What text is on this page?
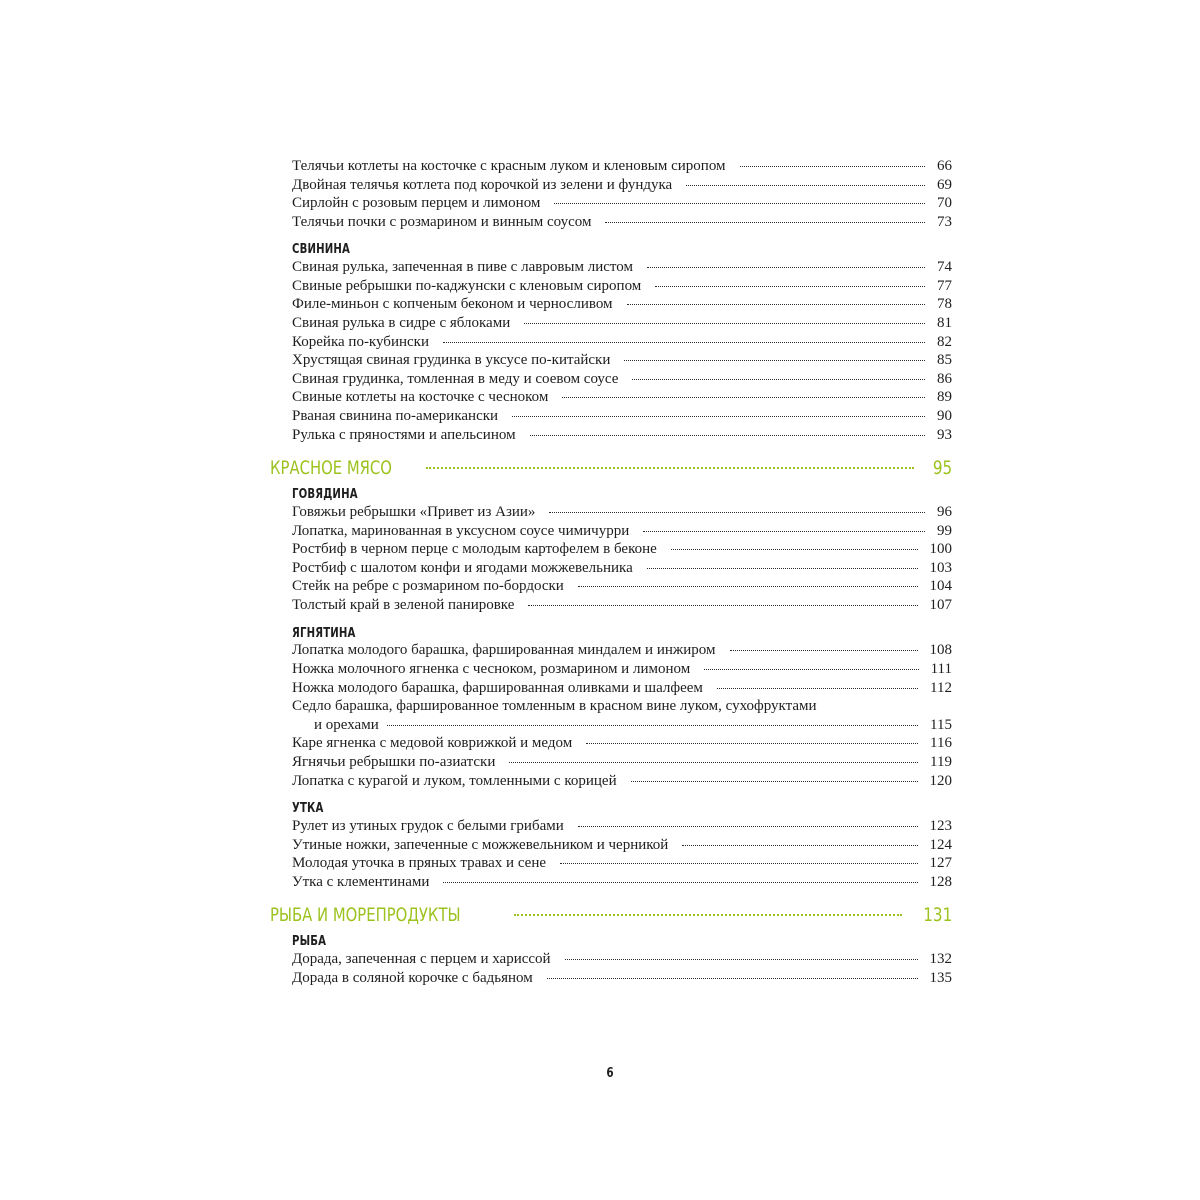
Телячьи котлеты на косточке с красным луком и кленовым сиропом	66
Двойная телячья котлета под корочкой из зелени и фундука	69
Сирлойн с розовым перцем и лимоном	70
Телячьи почки с розмарином и винным соусом	73
СВИНИНА
Свиная рулька, запеченная в пиве с лавровым листом	74
Свиные ребрышки по-каджунски с кленовым сиропом	77
Филе-миньон с копченым беконом и черносливом	78
Свиная рулька в сидре с яблоками	81
Корейка по-кубински	82
Хрустящая свиная грудинка в уксусе по-китайски	85
Свиная грудинка, томленная в меду и соевом соусе	86
Свиные котлеты на косточке с чесноком	89
Рваная свинина по-американски	90
Рулька с пряностями и апельсином	93
КРАСНОЕ МЯСО	95
ГОВЯДИНА
Говяжьи ребрышки «Привет из Азии»	96
Лопатка, маринованная в уксусном соусе чимичурри	99
Ростбиф в черном перце с молодым картофелем в беконе	100
Ростбиф с шалотом конфи и ягодами можжевельника	103
Стейк на ребре с розмарином по-бордоски	104
Толстый край в зеленой панировке	107
ЯГНЯТИНА
Лопатка молодого барашка, фаршированная миндалем и инжиром	108
Ножка молочного ягненка с чесноком, розмарином и лимоном	111
Ножка молодого барашка, фаршированная оливками и шалфеем	112
Седло барашка, фаршированное томленным в красном вине луком, сухофруктами
и орехами	115
Каре ягненка с медовой коврижкой и медом	116
Ягнячьи ребрышки по-азиатски	119
Лопатка с курагой и луком, томленными с корицей	120
УТКА
Рулет из утиных грудок с белыми грибами	123
Утиные ножки, запеченные с можжевельником и черникой	124
Молодая уточка в пряных травах и сене	127
Утка с клементинами	128
РЫБА И МОРЕПРОДУКТЫ	131
РЫБА
Дорада, запеченная с перцем и хариссой	132
Дорада в соляной корочке с бадьяном	135
6
